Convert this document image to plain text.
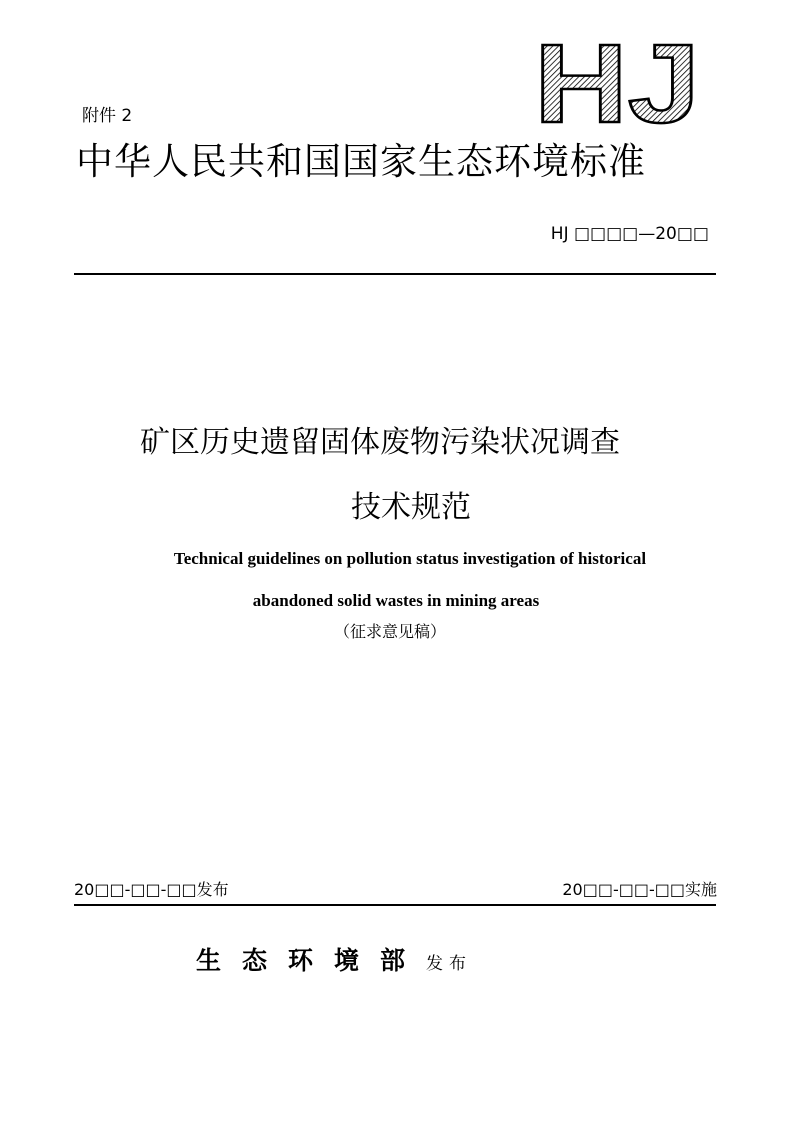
HJ
附件 2
中华人民共和国国家生态环境标准
HJ □□□□—20□□
矿区历史遗留固体废物污染状况调查
技术规范
Technical guidelines on pollution status investigation of historical
abandoned solid wastes in mining areas
（征求意见稿）
20□□-□□-□□发布	20□□-□□-□□实施
生态环境部发布
